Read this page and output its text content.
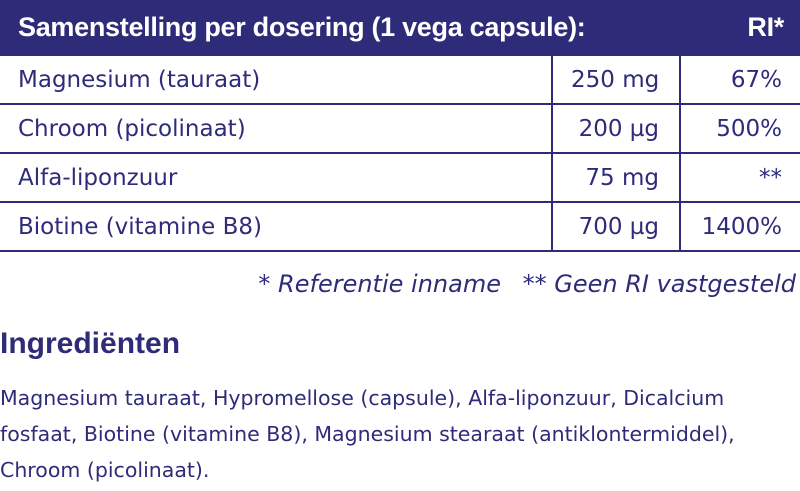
Samenstelling per dosering (1 vega capsule):		RI*
Magnesium (tauraat)	250 mg	67%
Chroom (picolinaat)	200 µg	500%
Alfa-liponzuur	75 mg	**
Biotine (vitamine B8)	700 µg	1400%
* Referentie inname ** Geen RI vastgesteld
Ingrediënten

Magnesium tauraat, Hypromellose (capsule), Alfa-liponzuur, Dicalcium fosfaat, Biotine (vitamine B8), Magnesium stearaat (antiklontermiddel), Chroom (picolinaat).
